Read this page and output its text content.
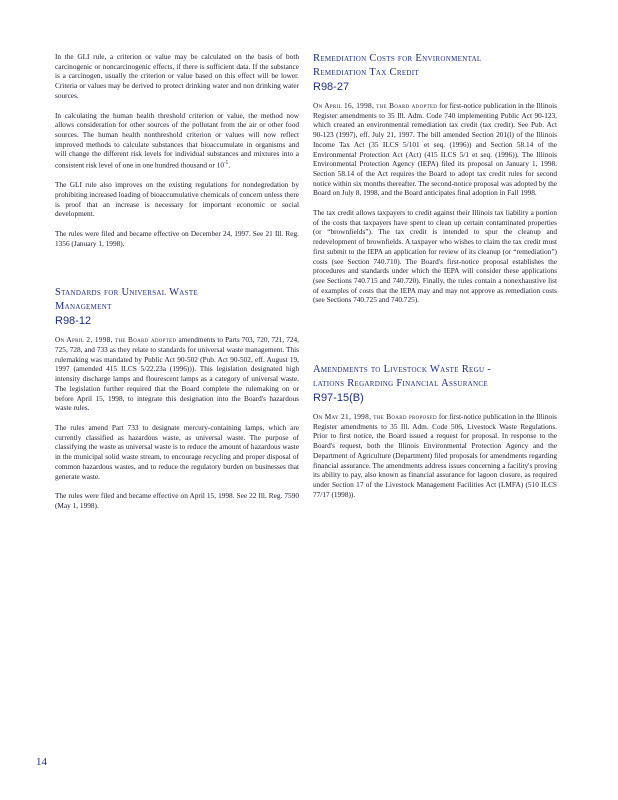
In the GLI rule, a criterion or value may be calculated on the basis of both carcinogenic or noncarcinogenic effects, if there is sufficient data. If the substance is a carcinogen, usually the criterion or value based on this effect will be lower. Criteria or values may be derived to protect drinking water and non drinking water sources.

In calculating the human health threshold criterion or value, the method now allows consideration for other sources of the pollutant from the air or other food sources. The human health nonthreshold criterion or values will now reflect improved methods to calculate substances that bioaccumulate in organisms and will change the different risk levels for individual substances and mixtures into a consistent risk level of one in one hundred thousand or $10^{-5}$.

The GLI rule also improves on the existing regulations for nondegredation by prohibiting increased loading of bioaccumulative chemicals of concern unless there is proof that an increase is necessary for important economic or social development.

The rules were filed and became effective on December 24, 1997. See 21 Ill. Reg. 1356 (January 1, 1998).

Standards for Universal Waste

Management

R98-12

On April 2, 1998, the Board adopted amendments to Parts 703, 720, 721, 724, 725, 728, and 733 as they relate to standards for universal waste management. This rulemaking was mandated by Public Act 90-502 (Pub. Act 90-502, eff. August 19, 1997 (amended 415 ILCS 5/22.23a (1996))). This legislation designated high intensity discharge lamps and flourescent lamps as a category of universal waste. The legislation further required that the Board complete the rulemaking on or before April 15, 1998, to integrate this designation into the Board's hazardous waste rules.

The rules amend Part 733 to designate mercury-containing lamps, which are currently classified as hazardous waste, as universal waste. The purpose of classifying the waste as universal waste is to reduce the amount of hazardous waste in the municipal solid waste stream, to encourage recycling and proper disposal of common hazardous wastes, and to reduce the regulatory burden on businesses that generate waste.

The rules were filed and became effective on April 15, 1998. See 22 Ill. Reg. 7590 (May 1, 1998).

Remediation Costs for Environmental

Remediation Tax Credit

R98-27

On April 16, 1998, the Board adopted for first-notice publication in the Illinois Register amendments to 35 Ill. Adm. Code 740 implementing Public Act 90-123, which created an environmental remediation tax credit (tax credit). See Pub. Act 90-123 (1997), eff. July 21, 1997. The bill amended Section 201(l) of the Illinois Income Tax Act (35 ILCS 5/101 et seq. (1996)) and Section 58.14 of the Environmental Protection Act (Act) (415 ILCS 5/1 et seq. (1996)). The Illinois Environmental Protection Agency (IEPA) filed its proposal on January 1, 1998. Section 58.14 of the Act requires the Board to adopt tax credit rules for second notice within six months thereafter. The second-notice proposal was adopted by the Board on July 8, 1998, and the Board anticipates final adoption in Fall 1998.

The tax credit allows taxpayers to credit against their Illinois tax liability a portion of the costs that taxpayers have spent to clean up certain contaminated properties (or “brownfields”). The tax credit is intended to spur the cleanup and redevelopment of brownfields. A taxpayer who wishes to claim the tax credit must first submit to the IEPA an application for review of its cleanup (or “remediation”) costs (see Section 740.710). The Board's first-notice proposal establishes the procedures and standards under which the IEPA will consider these applications (see Sections 740.715 and 740.720). Finally, the rules contain a nonexhaustive list of examples of costs that the IEPA may and may not approve as remediation costs (see Sections 740.725 and 740.725).

Amendments to Livestock Waste Regu -

lations Regarding Financial Assurance

R97-15(B)

On May 21, 1998, the Board proposed for first-notice publication in the Illinois Register amendments to 35 Ill. Adm. Code 506, Livestock Waste Regulations. Prior to first notice, the Board issued a request for proposal. In response to the Board's request, both the Illinois Environmental Protection Agency and the Department of Agriculture (Department) filed proposals for amendments regarding financial assurance. The amendments address issues concerning a facility's proving its ability to pay, also known as financial assurance for lagoon closure, as required under Section 17 of the Livestock Management Facilities Act (LMFA) (510 ILCS 77/17 (1998)).

14
